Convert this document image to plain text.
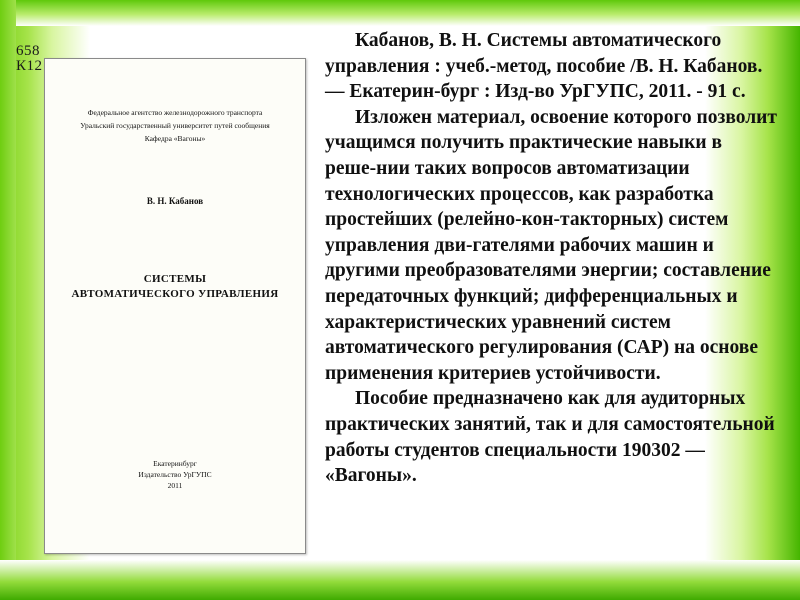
658
К12
Федеральное агентство железнодорожного транспорта
Уральский государственный университет путей сообщения
Кафедра «Вагоны»
В. Н. Кабанов
СИСТЕМЫ
АВТОМАТИЧЕСКОГО УПРАВЛЕНИЯ
Екатеринбург
Издательство УрГУПС
2011

Кабанов, В. Н. Системы автоматического управления : учеб.-метод, пособие /В. Н. Кабанов. — Екатерин-бург : Изд-во УрГУПС, 2011. - 91 с.

Изложен материал, освоение которого позволит учащимся получить практические навыки в реше-нии таких вопросов автоматизации технологических процессов, как разработка простейших (релейно-кон-такторных) систем управления дви-гателями рабочих машин и другими преобразователями энергии; составление передаточных функций; дифференциальных и характеристических уравнений систем автоматического регулирования (САР) на основе применения критериев устойчивости.

Пособие предназначено как для аудиторных практических занятий, так и для самостоятельной работы студентов специальности 190302 — «Вагоны».
